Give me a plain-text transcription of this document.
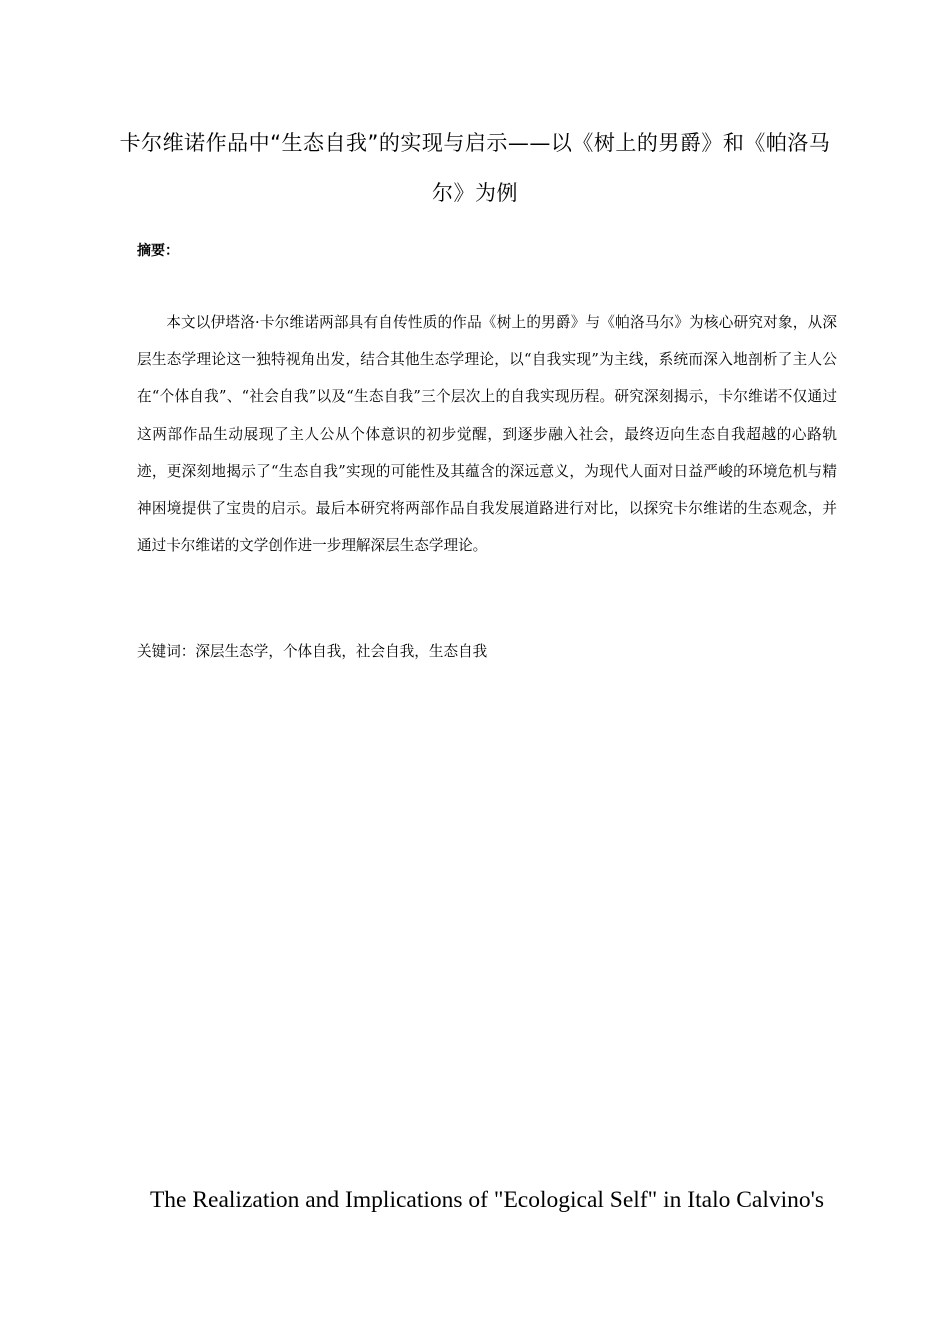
卡尔维诺作品中“生态自我”的实现与启示——以《树上的男爵》和《帕洛马尔》为例

摘要：

本文以伊塔洛·卡尔维诺两部具有自传性质的作品《树上的男爵》与《帕洛马尔》为核心研究对象，从深层生态学理论这一独特视角出发，结合其他生态学理论，以“自我实现”为主线，系统而深入地剖析了主人公在“个体自我”、“社会自我”以及“生态自我”三个层次上的自我实现历程。研究深刻揭示，卡尔维诺不仅通过这两部作品生动展现了主人公从个体意识的初步觉醒，到逐步融入社会，最终迈向生态自我超越的心路轨迹，更深刻地揭示了“生态自我”实现的可能性及其蕴含的深远意义，为现代人面对日益严峻的环境危机与精神困境提供了宝贵的启示。最后本研究将两部作品自我发展道路进行对比，以探究卡尔维诺的生态观念，并通过卡尔维诺的文学创作进一步理解深层生态学理论。

关键词：深层生态学，个体自我，社会自我，生态自我

The Realization and Implications of "Ecological Self" in Italo Calvino's
